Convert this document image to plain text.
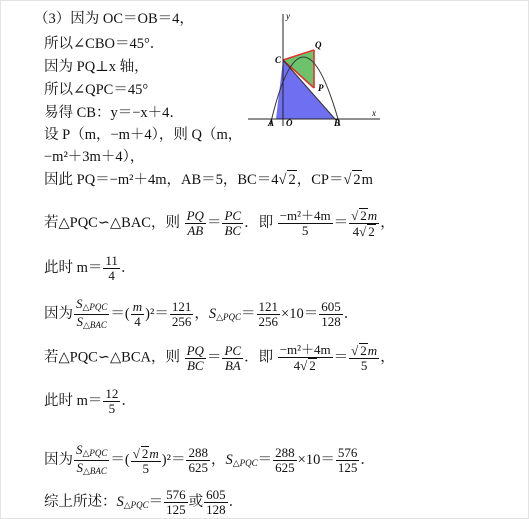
y
x
O
A	B
C
P
Q
（3）因为 OC＝OB＝4，
所以∠CBO＝45°．
因为 PQ⊥x 轴，
所以∠QPC＝45°
易得 CB：y＝−x＋4．
设 P（m，−m＋4），则 Q（m，
−m²＋3m＋4），
因此 PQ＝−m²＋4m，AB＝5，BC＝4√ 2，CP＝√ 2m
若△PQC∽△BAC，则 $\frac{PQ}{AB} = \frac{PC}{BC}$ ．即 $\frac{\text{−m²＋4m}}{5} = \frac{√ 2m}{4√ 2}$ ，
此时 $m= \frac{11}{4}$ ．
因为
$S_{\triangle PQC}$
$S_{\triangle BAC}$
＝( $\frac{m}{4} )^2= \frac{121}{256}$ ，$S_{\triangle PQC}= \frac{121}{256} \times 10= \frac{605}{128}$ ．
若△PQC∽△BCA，则 $\frac{PQ}{BC} = \frac{PC}{BA}$ ．即 $\frac{\text{−m²＋4m}}{4√ 2} = \frac{√ 2m}{5}$ ，
此时 $m= \frac{12}{5}$ ．
因为
$S_{\triangle PQC}$
$S_{\triangle BAC}$
＝( $\frac{√ 2m}{5} )^2= \frac{288}{625}$ ，$S_{\triangle PQC}= \frac{288}{625} \times 10= \frac{576}{125}$ ．
综上所述：$S_{\triangle PQC}= \frac{576}{125}$ 或 $\frac{605}{128}$ ．
